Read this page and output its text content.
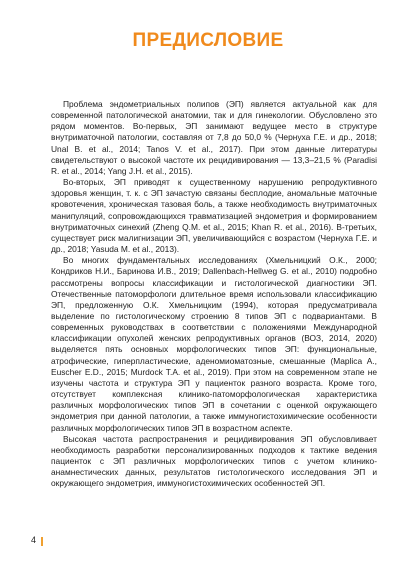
ПРЕДИСЛОВИЕ

Проблема эндометриальных полипов (ЭП) является актуальной как для современной патологической анатомии, так и для гинекологии. Обусловлено это рядом моментов. Во-первых, ЭП занимают ведущее место в структуре внутриматочной патологии, составляя от 7,8 до 50,0 % (Чернуха Г.Е. и др., 2018; Unal B. et al., 2014; Tanos V. et al., 2017). При этом данные литературы свидетельствуют о высокой частоте их рецидивирования — 13,3–21,5 % (Paradisi R. et al., 2014; Yang J.H. et al., 2015).

Во-вторых, ЭП приводят к существенному нарушению репродуктивного здоровья женщин, т. к. с ЭП зачастую связаны бесплодие, аномальные маточные кровотечения, хроническая тазовая боль, а также необходимость внутриматочных манипуляций, сопровождающихся травматизацией эндометрия и формированием внутриматочных синехий (Zheng Q.M. et al., 2015; Khan R. et al., 2016). В-третьих, существует риск малигнизации ЭП, увеличивающийся с возрастом (Чернуха Г.Е. и др., 2018; Yasuda M. et al., 2013).

Во многих фундаментальных исследованиях (Хмельницкий О.К., 2000; Кондриков Н.И., Баринова И.В., 2019; Dallenbach-Hellweg G. et al., 2010) подробно рассмотрены вопросы классификации и гистологической диагностики ЭП. Отечественные патоморфологи длительное время использовали классификацию ЭП, предложенную О.К. Хмельницким (1994), которая предусматривала выделение по гистологическому строению 8 типов ЭП с подвариантами. В современных руководствах в соответствии с положениями Международной классификации опухолей женских репродуктивных органов (ВОЗ, 2014, 2020) выделяется пять основных морфологических типов ЭП: функциональные, атрофические, гиперпластические, аденомиоматозные, смешанные (Maplica A., Euscher E.D., 2015; Murdock T.A. et al., 2019). При этом на современном этапе не изучены частота и структура ЭП у пациенток разного возраста. Кроме того, отсутствует комплексная клинико-патоморфологическая характеристика различных морфологических типов ЭП в сочетании с оценкой окружающего эндометрия при данной патологии, а также иммуногистохимические особенности различных морфологических типов ЭП в возрастном аспекте.

Высокая частота распространения и рецидивирования ЭП обусловливает необходимость разработки персонализированных подходов к тактике ведения пациенток с ЭП различных морфологических типов с учетом клинико-анамнестических данных, результатов гистологического исследования ЭП и окружающего эндометрия, иммуногистохимических особенностей ЭП.

4
